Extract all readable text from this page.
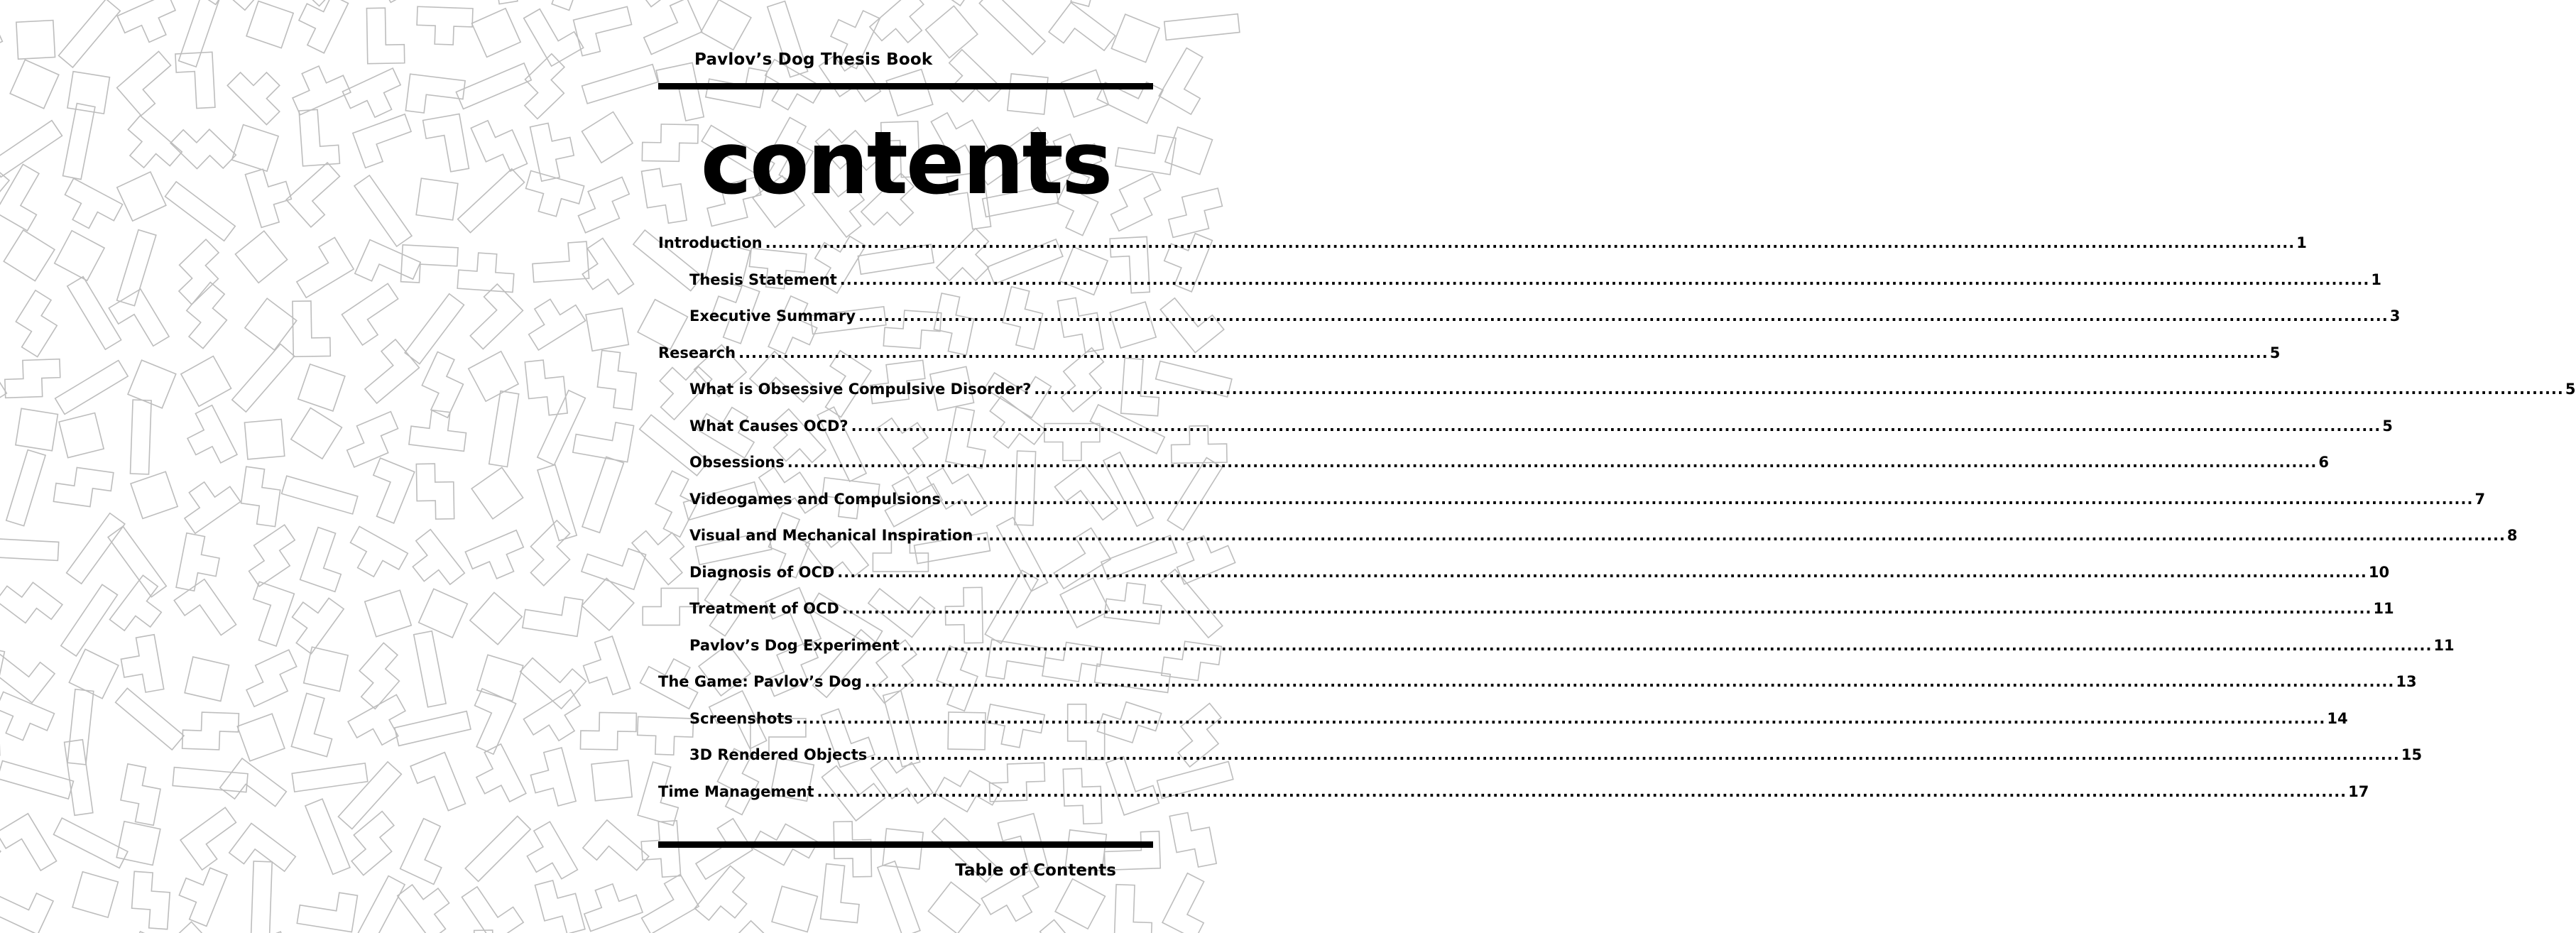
Pavlov’s Dog Thesis Book
contents
Introduction ................................................................................................................................................................................................................................................ 1
Thesis Statement ................................................................................................................................................................................................................................................ 1
Executive Summary ................................................................................................................................................................................................................................................ 3
Research ................................................................................................................................................................................................................................................ 5
What is Obsessive Compulsive Disorder? ................................................................................................................................................................................................................................................ 5
What Causes OCD? ................................................................................................................................................................................................................................................ 5
Obsessions ................................................................................................................................................................................................................................................ 6
Videogames and Compulsions ................................................................................................................................................................................................................................................ 7
Visual and Mechanical Inspiration ................................................................................................................................................................................................................................................ 8
Diagnosis of OCD ................................................................................................................................................................................................................................................ 10
Treatment of OCD ................................................................................................................................................................................................................................................ 11
Pavlov’s Dog Experiment ................................................................................................................................................................................................................................................ 11
The Game: Pavlov’s Dog ................................................................................................................................................................................................................................................ 13
Screenshots ................................................................................................................................................................................................................................................ 14
3D Rendered Objects ................................................................................................................................................................................................................................................ 15
Time Management ................................................................................................................................................................................................................................................ 17
Table of Contents
